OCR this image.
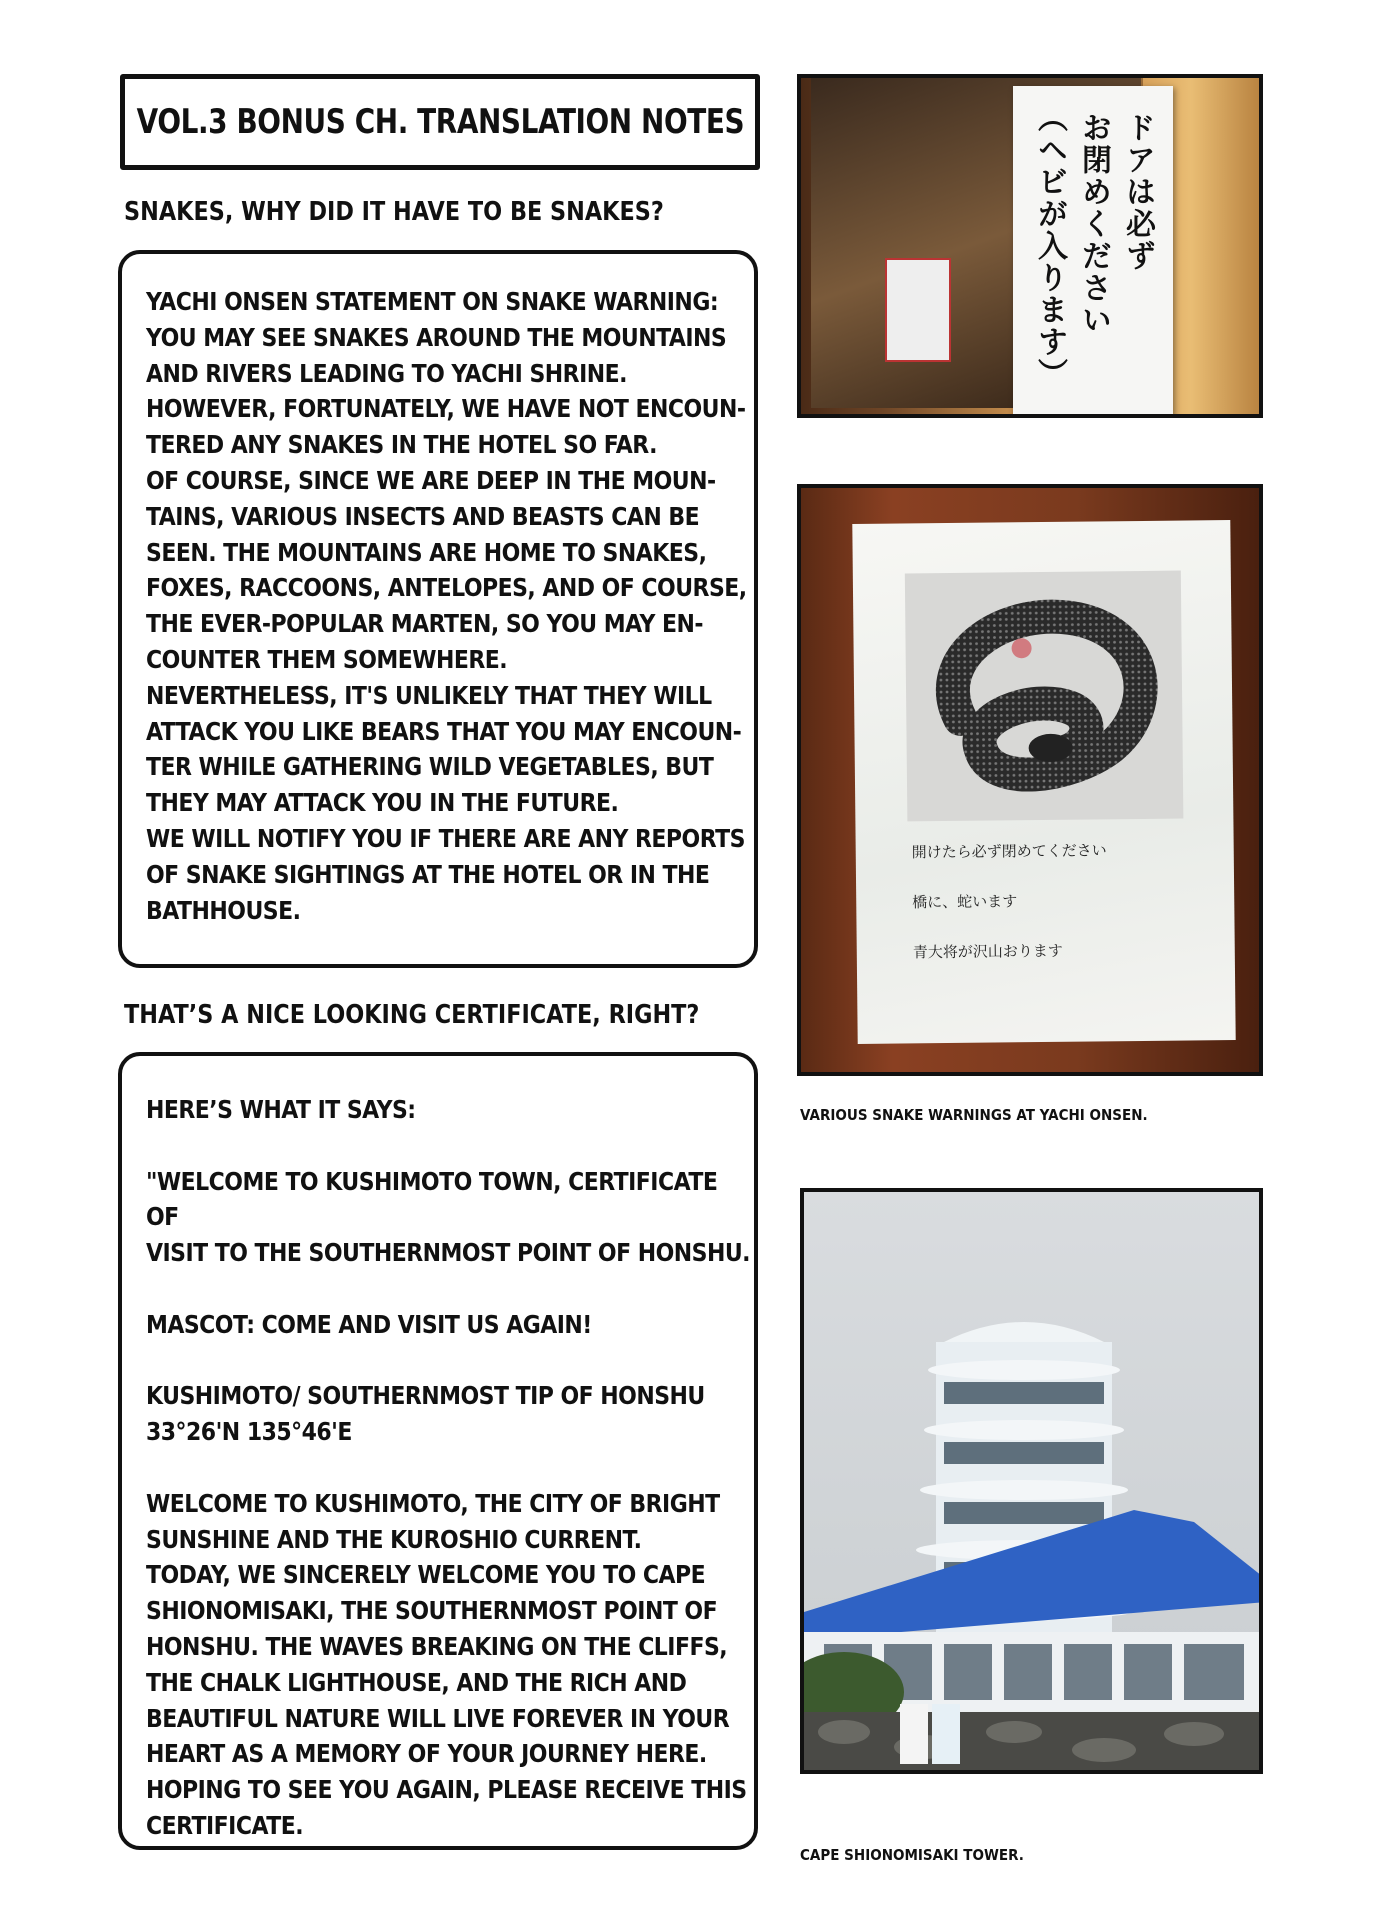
VOL.3 BONUS CH. TRANSLATION NOTES
SNAKES, WHY DID IT HAVE TO BE SNAKES?
YACHI ONSEN STATEMENT ON SNAKE WARNING:
YOU MAY SEE SNAKES AROUND THE MOUNTAINS
AND RIVERS LEADING TO YACHI SHRINE.
HOWEVER, FORTUNATELY, WE HAVE NOT ENCOUN-
TERED ANY SNAKES IN THE HOTEL SO FAR.
OF COURSE, SINCE WE ARE DEEP IN THE MOUN-
TAINS, VARIOUS INSECTS AND BEASTS CAN BE
SEEN. THE MOUNTAINS ARE HOME TO SNAKES,
FOXES, RACCOONS, ANTELOPES, AND OF COURSE,
THE EVER-POPULAR MARTEN, SO YOU MAY EN-
COUNTER THEM SOMEWHERE.
NEVERTHELESS, IT'S UNLIKELY THAT THEY WILL
ATTACK YOU LIKE BEARS THAT YOU MAY ENCOUN-
TER WHILE GATHERING WILD VEGETABLES, BUT
THEY MAY ATTACK YOU IN THE FUTURE.
WE WILL NOTIFY YOU IF THERE ARE ANY REPORTS
OF SNAKE SIGHTINGS AT THE HOTEL OR IN THE
BATHHOUSE.
THAT’S A NICE LOOKING CERTIFICATE, RIGHT?
HERE’S WHAT IT SAYS:

"WELCOME TO KUSHIMOTO TOWN, CERTIFICATE OF
VISIT TO THE SOUTHERNMOST POINT OF HONSHU.

MASCOT: COME AND VISIT US AGAIN!

KUSHIMOTO/ SOUTHERNMOST TIP OF HONSHU
33°26'N 135°46'E

WELCOME TO KUSHIMOTO, THE CITY OF BRIGHT
SUNSHINE AND THE KUROSHIO CURRENT.
TODAY, WE SINCERELY WELCOME YOU TO CAPE
SHIONOMISAKI, THE SOUTHERNMOST POINT OF
HONSHU. THE WAVES BREAKING ON THE CLIFFS,
THE CHALK LIGHTHOUSE, AND THE RICH AND
BEAUTIFUL NATURE WILL LIVE FOREVER IN YOUR
HEART AS A MEMORY OF YOUR JOURNEY HERE.
HOPING TO SEE YOU AGAIN, PLEASE RECEIVE THIS
CERTIFICATE.
ドアは必ず
お閉めください
（ヘビが入ります）
開けたら必ず閉めてください
橋に、蛇います
青大将が沢山おります
VARIOUS SNAKE WARNINGS AT YACHI ONSEN.
CAPE SHIONOMISAKI TOWER.
